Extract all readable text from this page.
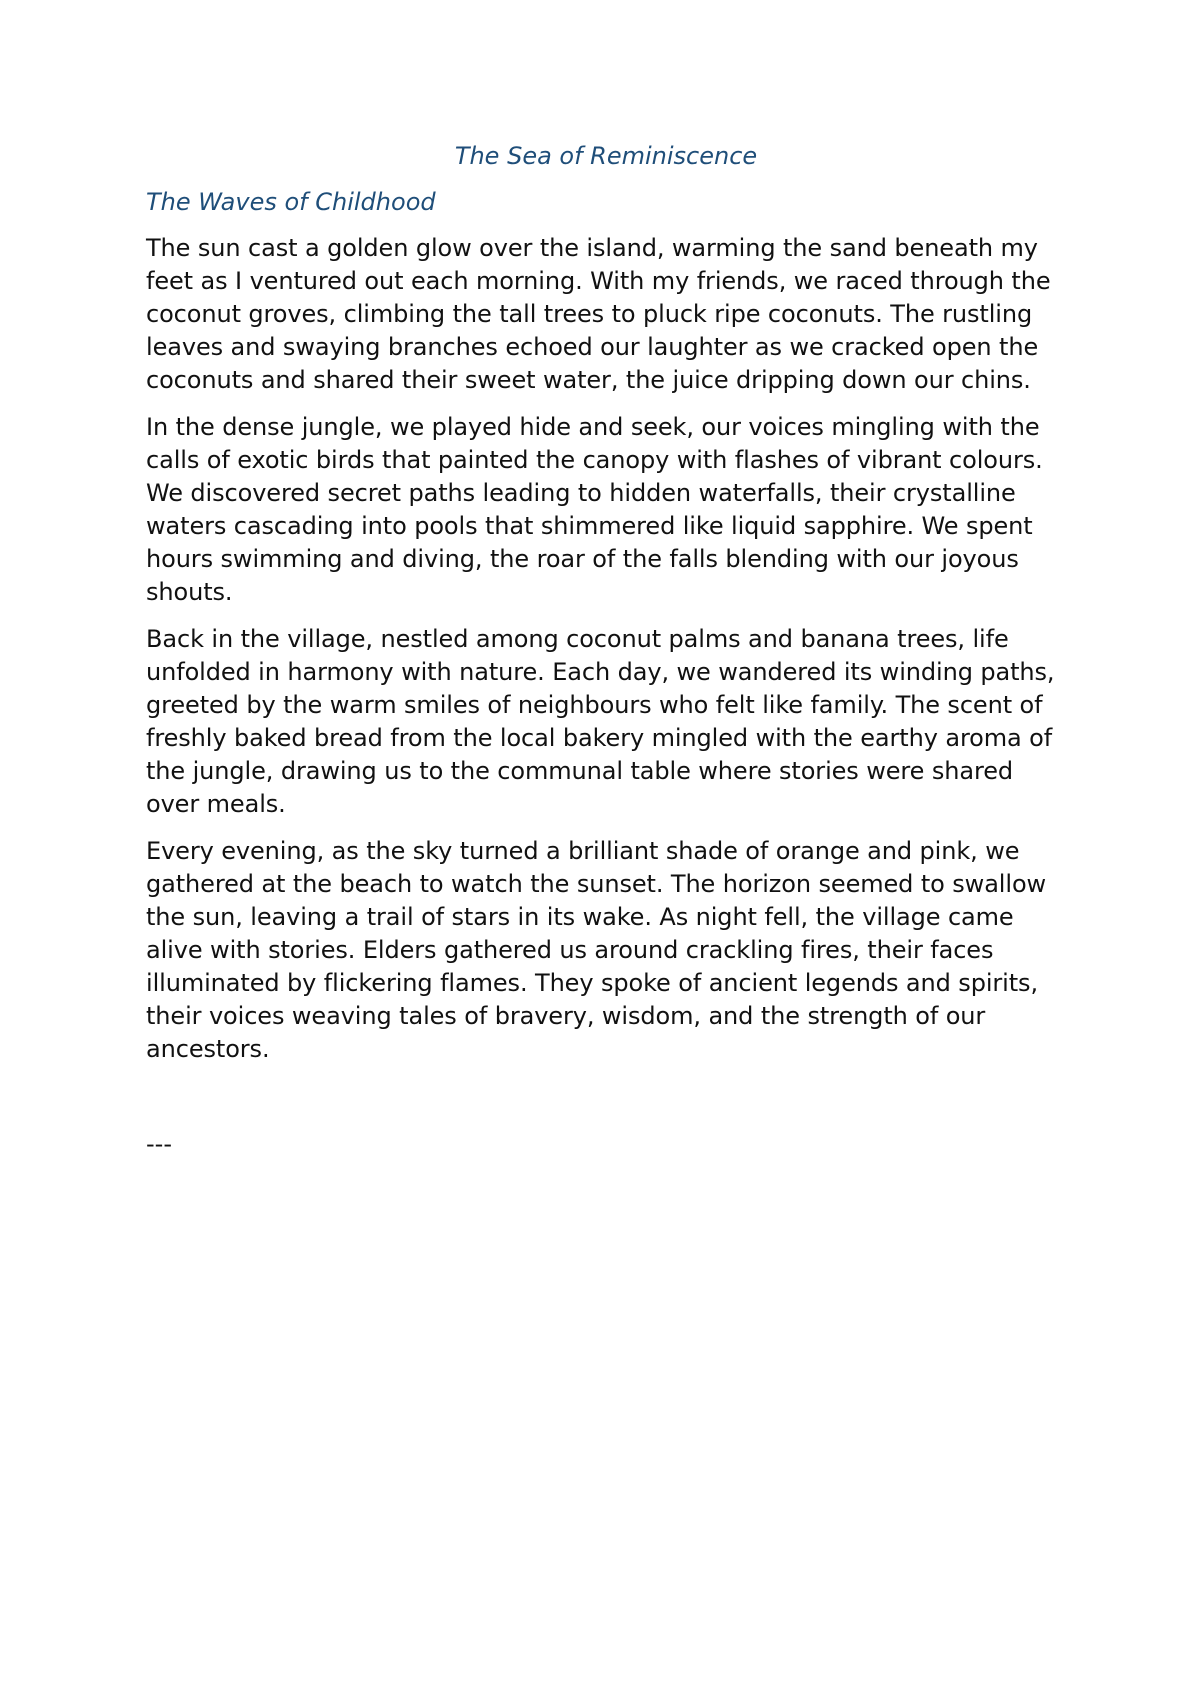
The Sea of Reminiscence
The Waves of Childhood

The sun cast a golden glow over the island, warming the sand beneath my feet as I ventured out each morning. With my friends, we raced through the coconut groves, climbing the tall trees to pluck ripe coconuts. The rustling leaves and swaying branches echoed our laughter as we cracked open the coconuts and shared their sweet water, the juice dripping down our chins.

In the dense jungle, we played hide and seek, our voices mingling with the calls of exotic birds that painted the canopy with flashes of vibrant colours. We discovered secret paths leading to hidden waterfalls, their crystalline waters cascading into pools that shimmered like liquid sapphire. We spent hours swimming and diving, the roar of the falls blending with our joyous shouts.

Back in the village, nestled among coconut palms and banana trees, life unfolded in harmony with nature. Each day, we wandered its winding paths, greeted by the warm smiles of neighbours who felt like family. The scent of freshly baked bread from the local bakery mingled with the earthy aroma of the jungle, drawing us to the communal table where stories were shared over meals.

Every evening, as the sky turned a brilliant shade of orange and pink, we gathered at the beach to watch the sunset. The horizon seemed to swallow the sun, leaving a trail of stars in its wake. As night fell, the village came alive with stories. Elders gathered us around crackling fires, their faces illuminated by flickering flames. They spoke of ancient legends and spirits, their voices weaving tales of bravery, wisdom, and the strength of our ancestors.

---
